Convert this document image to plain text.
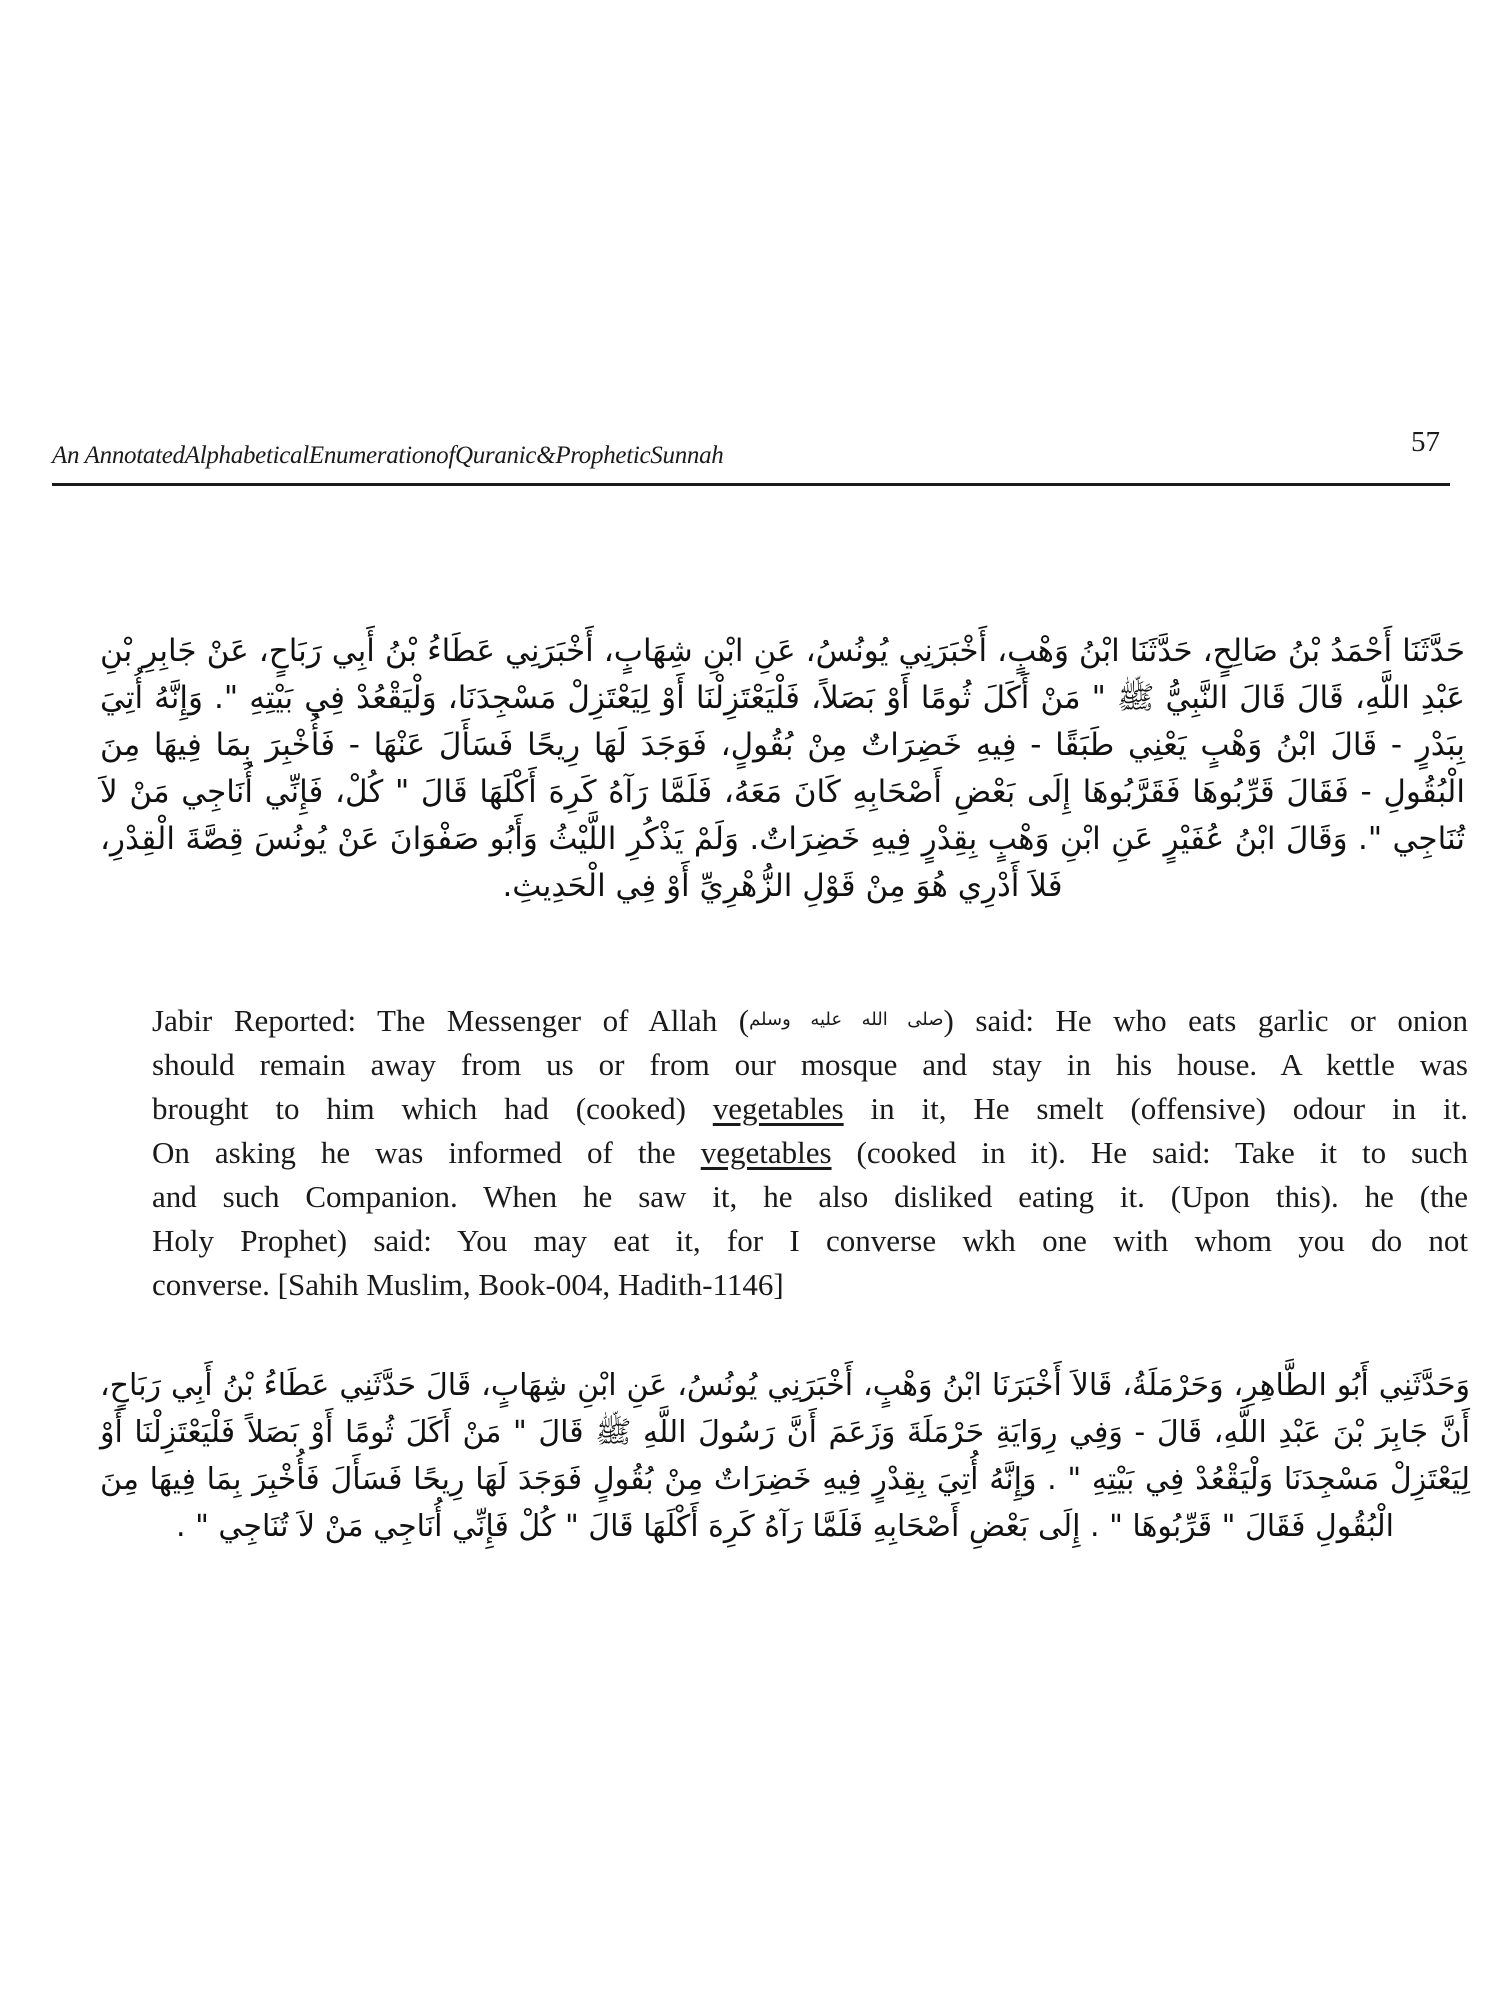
An AnnotatedAlphabeticalEnumerationofQuranic&PropheticSunnah	57
حَدَّثَنَا أَحْمَدُ بْنُ صَالِحٍ، حَدَّثَنَا ابْنُ وَهْبٍ، أَخْبَرَنِي يُونُسُ، عَنِ ابْنِ شِهَابٍ، أَخْبَرَنِي عَطَاءُ بْنُ أَبِي رَبَاحٍ، عَنْ جَابِرِ بْنِ عَبْدِ اللَّهِ، قَالَ قَالَ النَّبِيُّ ﷺ " مَنْ أَكَلَ ثُومًا أَوْ بَصَلاً، فَلْيَعْتَزِلْنَا أَوْ لِيَعْتَزِلْ مَسْجِدَنَا، وَلْيَقْعُدْ فِي بَيْتِهِ ". وَإِنَّهُ أُتِيَ بِبَدْرٍ - قَالَ ابْنُ وَهْبٍ يَعْنِي طَبَقًا - فِيهِ خَضِرَاتٌ مِنْ بُقُولٍ، فَوَجَدَ لَهَا رِيحًا فَسَأَلَ عَنْهَا - فَأُخْبِرَ بِمَا فِيهَا مِنَ الْبُقُولِ - فَقَالَ قَرِّبُوهَا فَقَرَّبُوهَا إِلَى بَعْضِ أَصْحَابِهِ كَانَ مَعَهُ، فَلَمَّا رَآهُ كَرِهَ أَكْلَهَا قَالَ " كُلْ، فَإِنِّي أُنَاجِي مَنْ لاَ تُنَاجِي ". وَقَالَ ابْنُ عُفَيْرٍ عَنِ ابْنِ وَهْبٍ بِقِدْرٍ فِيهِ خَضِرَاتٌ. وَلَمْ يَذْكُرِ اللَّيْثُ وَأَبُو صَفْوَانَ عَنْ يُونُسَ قِصَّةَ الْقِدْرِ، فَلاَ أَدْرِي هُوَ مِنْ قَوْلِ الزُّهْرِيِّ أَوْ فِي الْحَدِيثِ.
Jabir Reported: The Messenger of Allah (صلى الله عليه وسلم) said: He who eats garlic or onion
should remain away from us or from our mosque and stay in his house. A kettle was
brought to him which had (cooked) vegetables in it, He smelt (offensive) odour in it.
On asking he was informed of the vegetables (cooked in it). He said: Take it to such
and such Companion. When he saw it, he also disliked eating it. (Upon this). he (the
Holy Prophet) said: You may eat it, for I converse wkh one with whom you do not
converse. [Sahih Muslim, Book-004, Hadith-1146]
وَحَدَّثَنِي أَبُو الطَّاهِرِ، وَحَرْمَلَةُ، قَالاَ أَخْبَرَنَا ابْنُ وَهْبٍ، أَخْبَرَنِي يُونُسُ، عَنِ ابْنِ شِهَابٍ، قَالَ حَدَّثَنِي عَطَاءُ بْنُ أَبِي رَبَاحٍ، أَنَّ جَابِرَ بْنَ عَبْدِ اللَّهِ، قَالَ - وَفِي رِوَايَةِ حَرْمَلَةَ وَزَعَمَ أَنَّ رَسُولَ اللَّهِ ﷺ قَالَ " مَنْ أَكَلَ ثُومًا أَوْ بَصَلاً فَلْيَعْتَزِلْنَا أَوْ لِيَعْتَزِلْ مَسْجِدَنَا وَلْيَقْعُدْ فِي بَيْتِهِ " . وَإِنَّهُ أُتِيَ بِقِدْرٍ فِيهِ خَضِرَاتٌ مِنْ بُقُولٍ فَوَجَدَ لَهَا رِيحًا فَسَأَلَ فَأُخْبِرَ بِمَا فِيهَا مِنَ الْبُقُولِ فَقَالَ " قَرِّبُوهَا " . إِلَى بَعْضِ أَصْحَابِهِ فَلَمَّا رَآهُ كَرِهَ أَكْلَهَا قَالَ " كُلْ فَإِنِّي أُنَاجِي مَنْ لاَ تُنَاجِي " .
